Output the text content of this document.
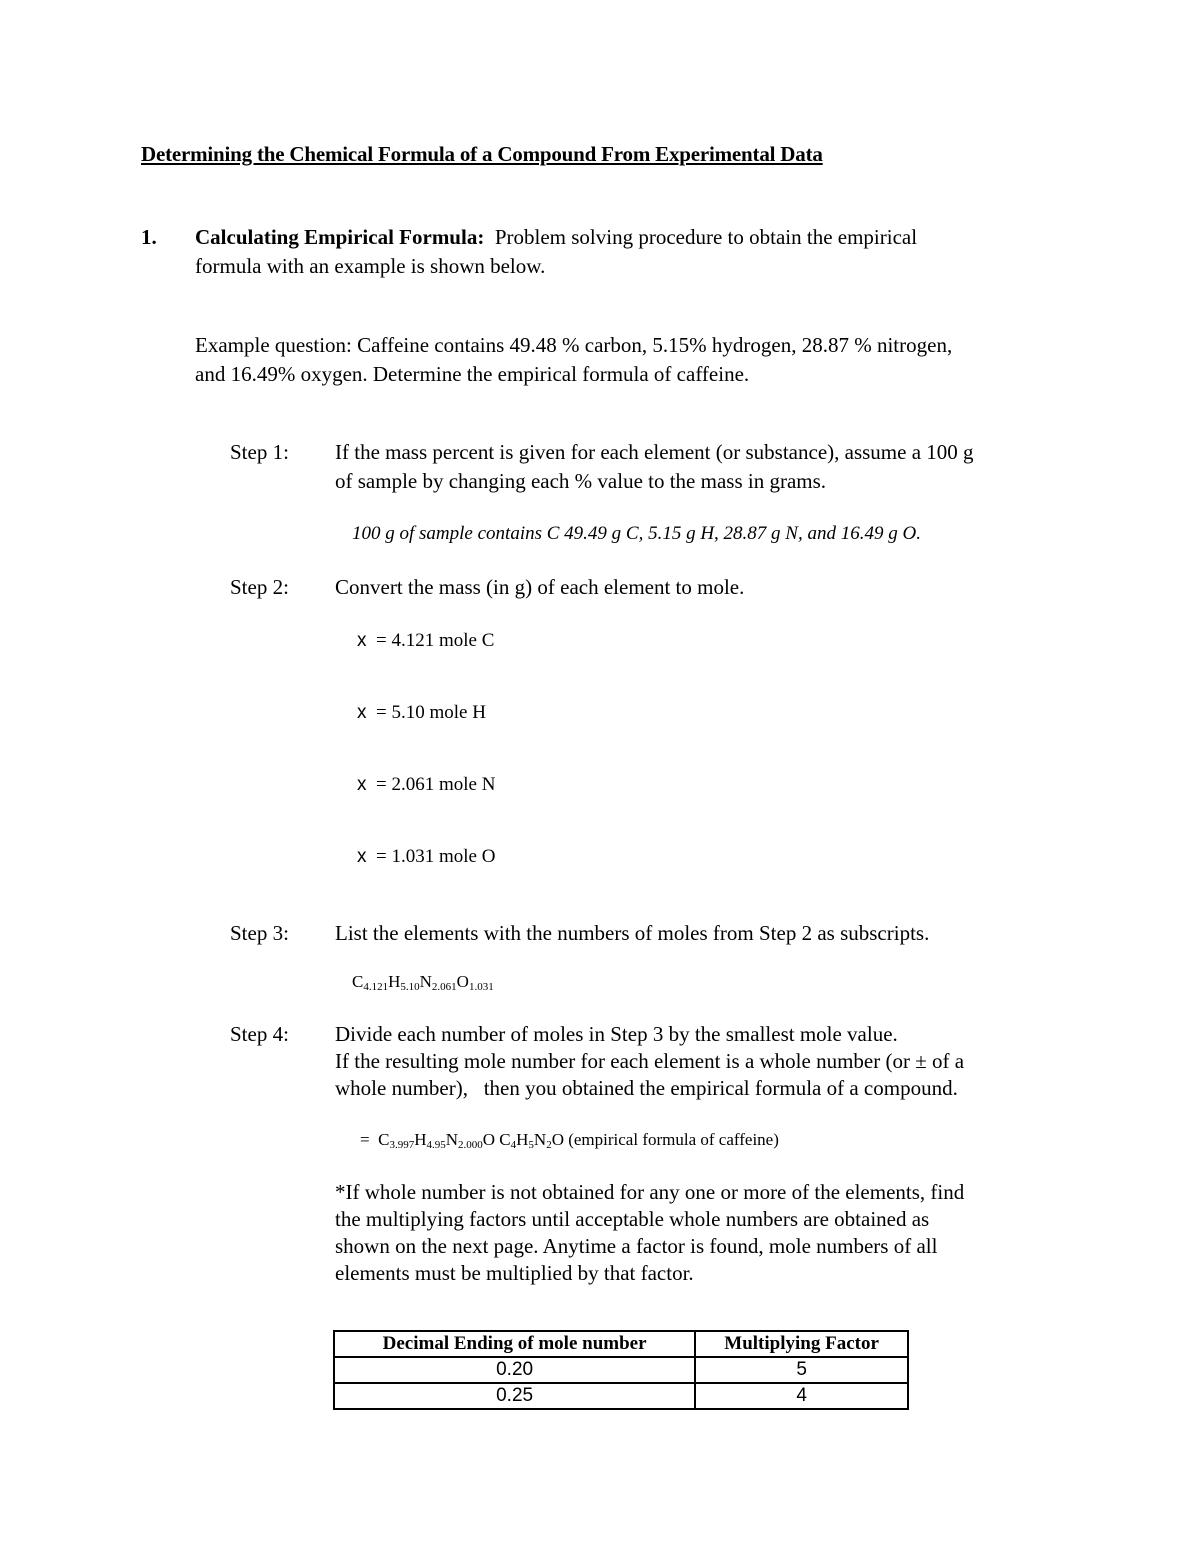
Determining the Chemical Formula of a Compound From Experimental Data
1. Calculating Empirical Formula: Problem solving procedure to obtain the empirical
formula with an example is shown below.
Example question: Caffeine contains 49.48 % carbon, 5.15% hydrogen, 28.87 % nitrogen,
and 16.49% oxygen. Determine the empirical formula of caffeine.
Step 1: If the mass percent is given for each element (or substance), assume a 100 g
of sample by changing each % value to the mass in grams.
100 g of sample contains C 49.49 g C, 5.15 g H, 28.87 g N, and 16.49 g O.
Step 2: Convert the mass (in g) of each element to mole.
x = 4.121 mole C
x = 5.10 mole H
x = 2.061 mole N
x = 1.031 mole O
Step 3: List the elements with the numbers of moles from Step 2 as subscripts.
$C_{4.121}H_{5.10}N_{2.061}O_{1.031}$
Step 4: Divide each number of moles in Step 3 by the smallest mole value.
If the resulting mole number for each element is a whole number (or ± of a
whole number),   then you obtained the empirical formula of a compound.
= $C_{3.997}H_{4.95}N_{2.000}O$ $C_4H_5N_2O$ (empirical formula of caffeine)
*If whole number is not obtained for any one or more of the elements, find
the multiplying factors until acceptable whole numbers are obtained as
shown on the next page. Anytime a factor is found, mole numbers of all
elements must be multiplied by that factor.
Decimal Ending of mole number	Multiplying Factor
0.20	5
0.25	4
